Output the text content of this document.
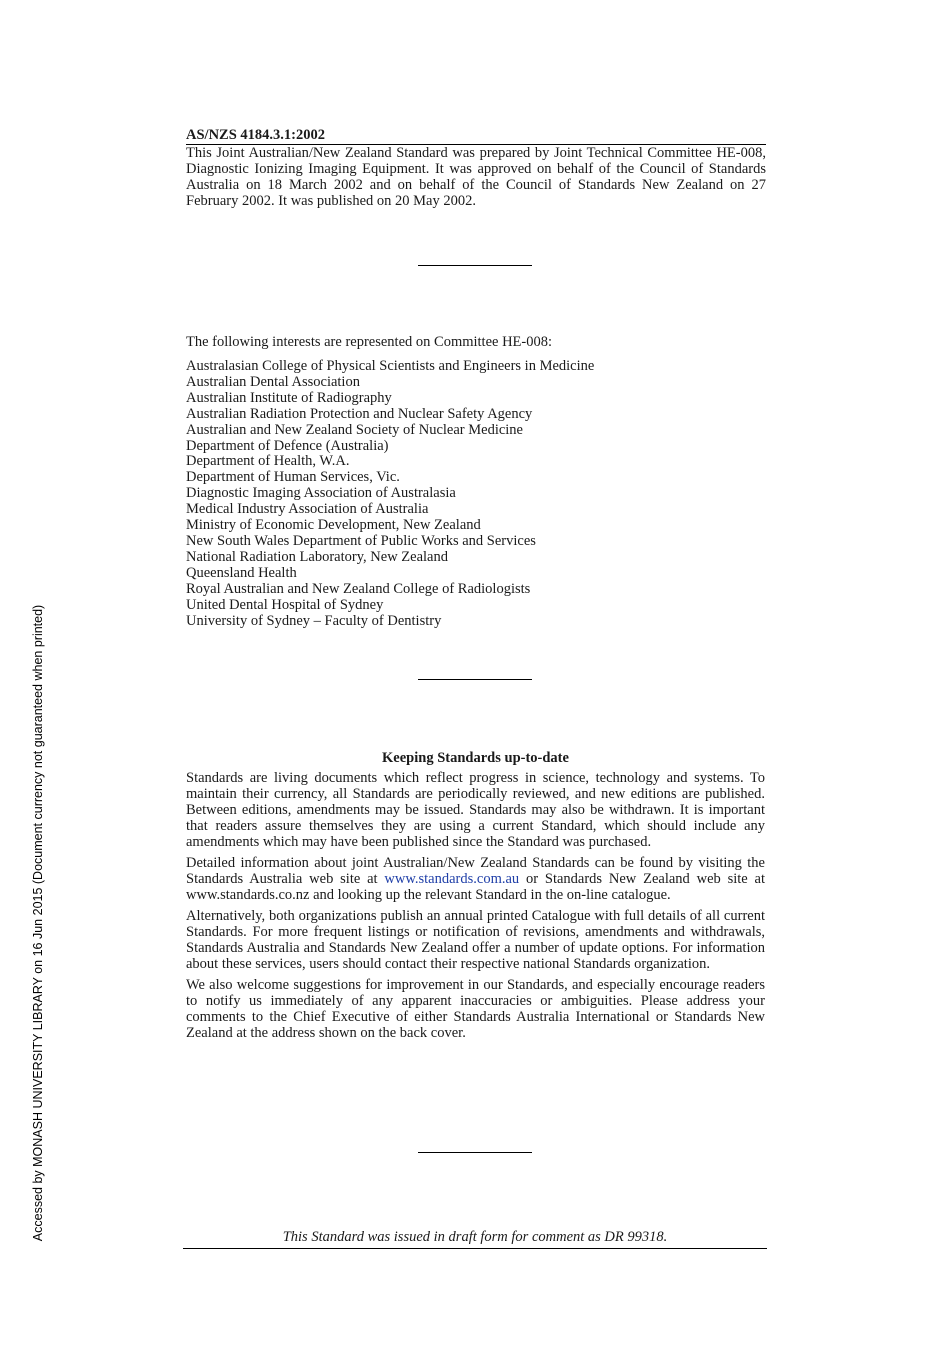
Accessed by MONASH UNIVERSITY LIBRARY on 16 Jun 2015 (Document currency not guaranteed when printed)
AS/NZS 4184.3.1:2002

This Joint Australian/New Zealand Standard was prepared by Joint Technical Committee HE-008, Diagnostic Ionizing Imaging Equipment. It was approved on behalf of the Council of Standards Australia on 18 March 2002 and on behalf of the Council of Standards New Zealand on 27 February 2002. It was published on 20 May 2002.

The following interests are represented on Committee HE-008:

Australasian College of Physical Scientists and Engineers in Medicine
Australian Dental Association
Australian Institute of Radiography
Australian Radiation Protection and Nuclear Safety Agency
Australian and New Zealand Society of Nuclear Medicine
Department of Defence (Australia)
Department of Health, W.A.
Department of Human Services, Vic.
Diagnostic Imaging Association of Australasia
Medical Industry Association of Australia
Ministry of Economic Development, New Zealand
New South Wales Department of Public Works and Services
National Radiation Laboratory, New Zealand
Queensland Health
Royal Australian and New Zealand College of Radiologists
United Dental Hospital of Sydney
University of Sydney – Faculty of Dentistry

Keeping Standards up-to-date

Standards are living documents which reflect progress in science, technology and systems. To maintain their currency, all Standards are periodically reviewed, and new editions are published. Between editions, amendments may be issued. Standards may also be withdrawn. It is important that readers assure themselves they are using a current Standard, which should include any amendments which may have been published since the Standard was purchased.

Detailed information about joint Australian/New Zealand Standards can be found by visiting the Standards Australia web site at www.standards.com.au or Standards New Zealand web site at www.standards.co.nz and looking up the relevant Standard in the on-line catalogue.

Alternatively, both organizations publish an annual printed Catalogue with full details of all current Standards. For more frequent listings or notification of revisions, amendments and withdrawals, Standards Australia and Standards New Zealand offer a number of update options. For information about these services, users should contact their respective national Standards organization.

We also welcome suggestions for improvement in our Standards, and especially encourage readers to notify us immediately of any apparent inaccuracies or ambiguities. Please address your comments to the Chief Executive of either Standards Australia International or Standards New Zealand at the address shown on the back cover.

This Standard was issued in draft form for comment as DR 99318.
